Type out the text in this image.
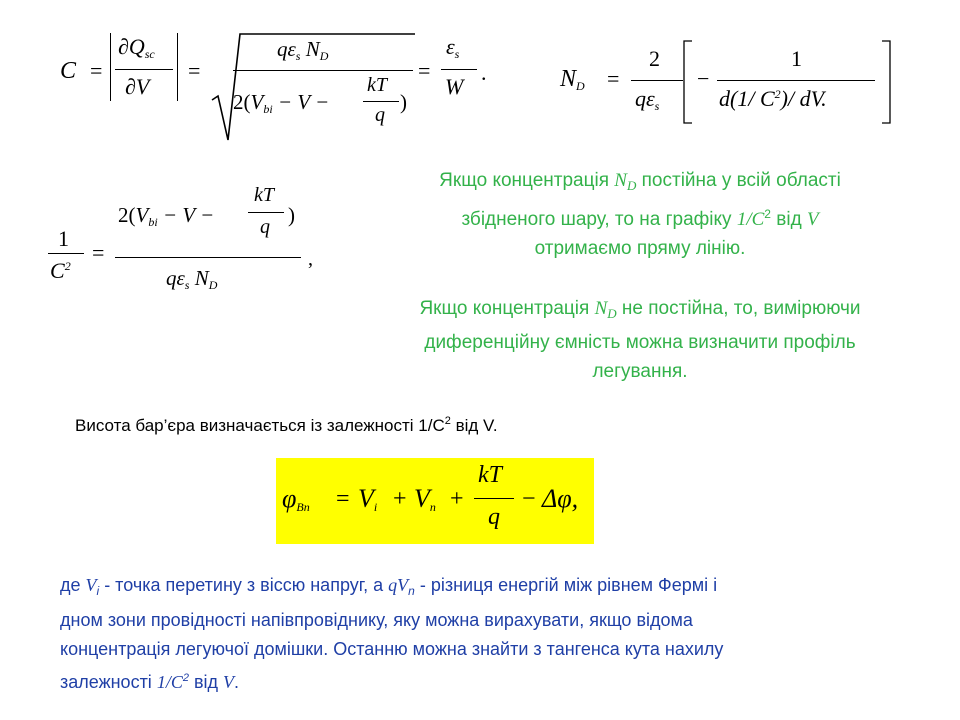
C =
$\partial Q_{sc}$
∂V
=
$q\varepsilon_s$ $N_D$
$2(V_{bi} - V$ −
kT
q
)
=
$\varepsilon_s$
W
.	$N_D$ =
2
$q\varepsilon_s$
−
1
d(1/ $C^2)/$ dV.
1
$C^2$
=
$2(V_{bi} - V$ −
kT
q )
$q\varepsilon_s$ $N_D$
,
Якщо концентрація $N_D$ постійна у всій області
збідненого шару, то на графіку $1/C^2$ від V
отримаємо пряму лінію.
Якщо концентрація $N_D$ не постійна, то, вимірюючи
диференційну ємність можна визначити профіль
легування.
Висота бар’єра визначається із залежності $1/C^2$ від V.
$\varphi_{Bn} = V_i + V_n$ +
kT
q
− Δφ,
де $V_i$ - точка перетину з віссю напруг, а $qV_n$ - різниця енергій між рівнем Фермі і
дном зони провідності напівпровіднику, яку можна вирахувати, якщо відома
концентрація легуючої домішки. Останню можна знайти з тангенса кута нахилу
залежності $1/C^2$ від V.
